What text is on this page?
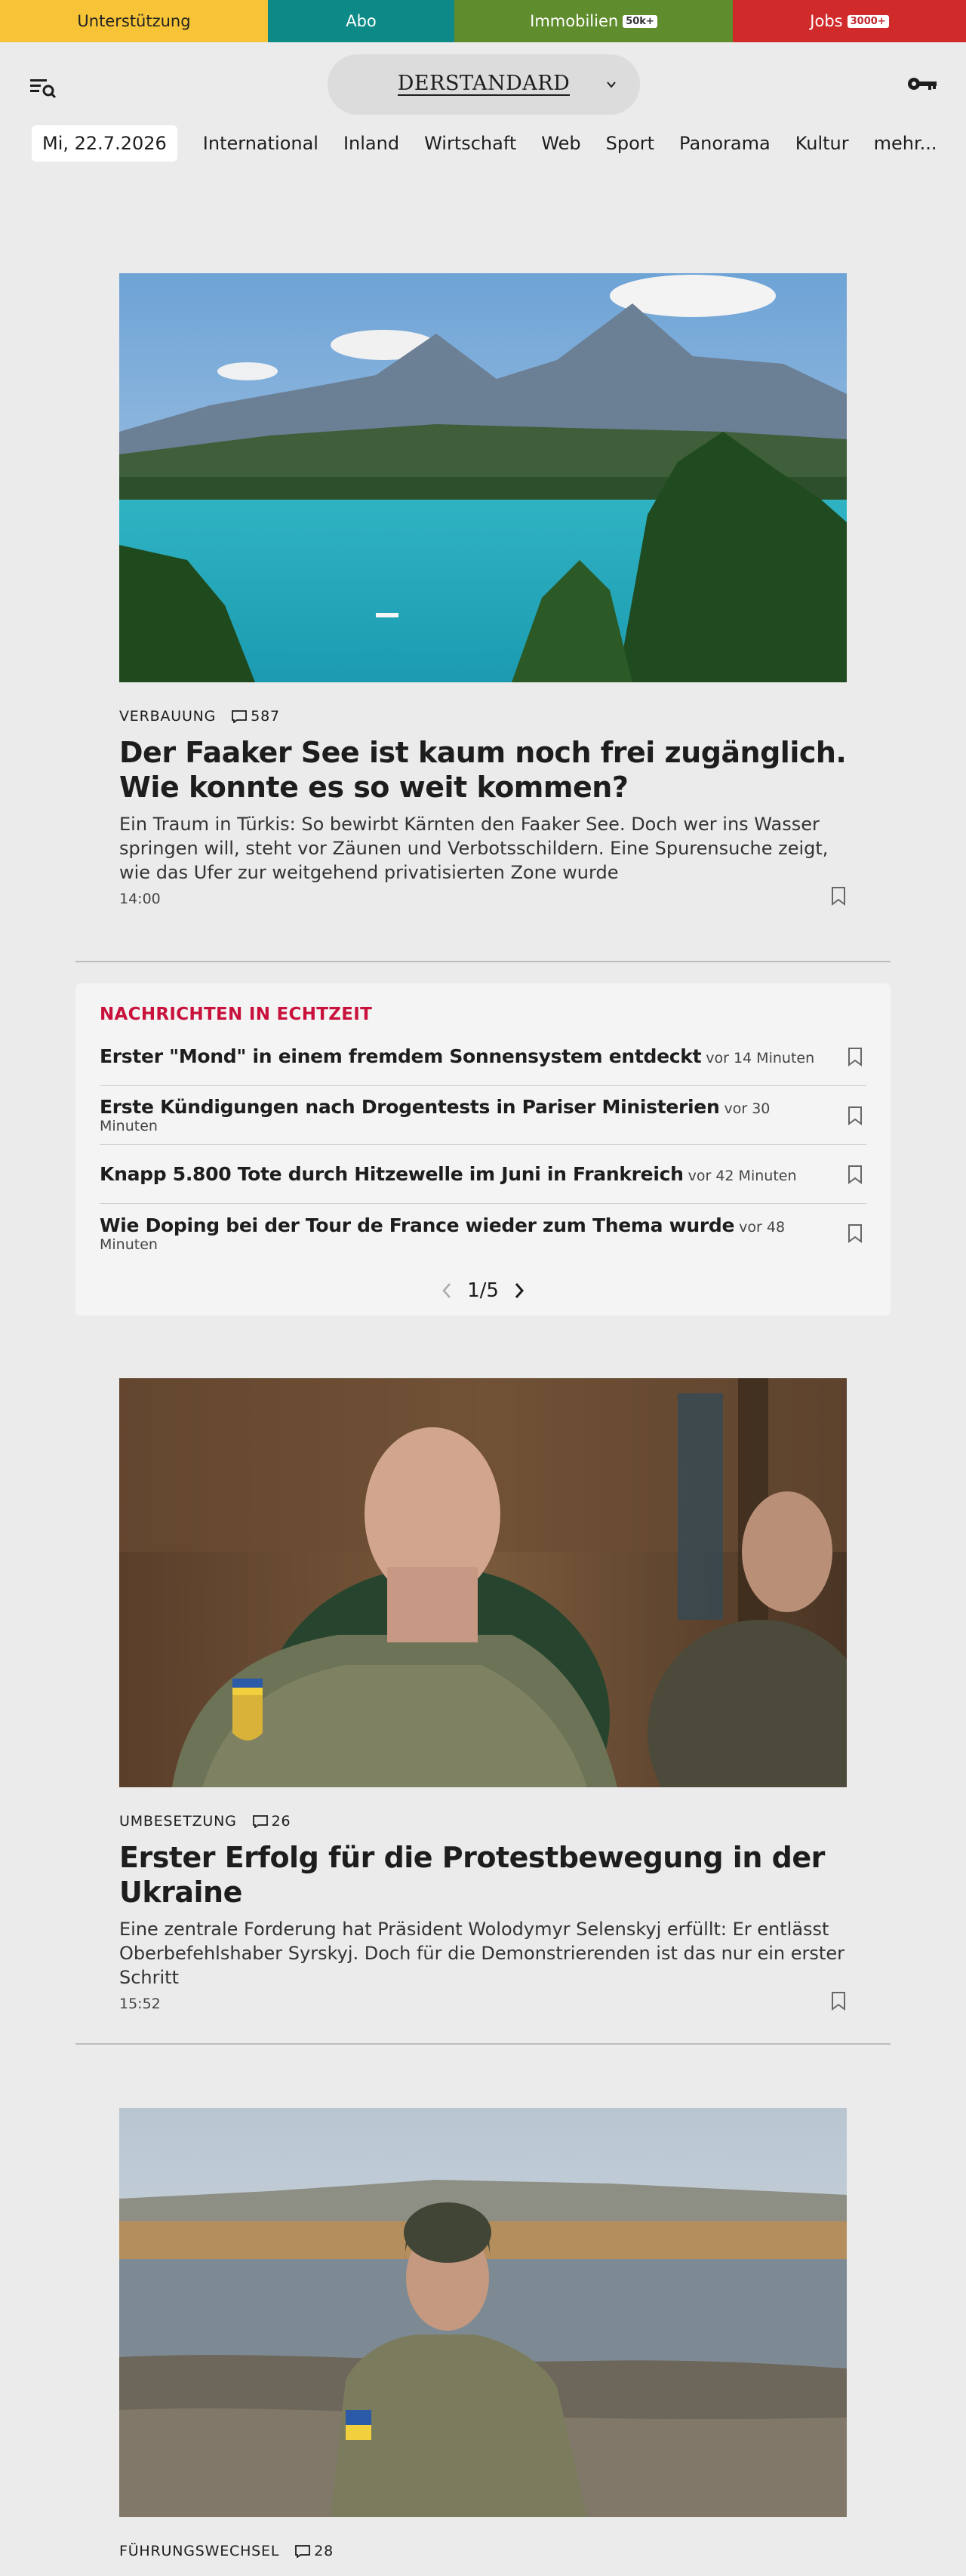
Unterstützung	Abo	Immobilien 50k+	Jobs 3000+
DERSTANDARD
Mi, 22.7.2026	International Inland Wirtschaft Web Sport Panorama Kultur mehr...
VERBAUUNG 587
Der Faaker See ist kaum noch frei zugänglich. Wie konnte es so weit kommen?

Ein Traum in Türkis: So bewirbt Kärnten den Faaker See. Doch wer ins Wasser springen will, steht vor Zäunen und Verbotsschildern. Eine Spurensuche zeigt, wie das Ufer zur weitgehend privatisierten Zone wurde

14:00
NACHRICHTEN IN ECHTZEIT
Erster "Mond" in einem fremdem Sonnensystem entdeckt vor 14 Minuten
Erste Kündigungen nach Drogentests in Pariser Ministerien vor 30 Minuten
Knapp 5.800 Tote durch Hitzewelle im Juni in Frankreich vor 42 Minuten
Wie Doping bei der Tour de France wieder zum Thema wurde vor 48 Minuten
1/5
UMBESETZUNG 26
Erster Erfolg für die Protestbewegung in der Ukraine

Eine zentrale Forderung hat Präsident Wolodymyr Selenskyj erfüllt: Er entlässt Oberbefehlshaber Syrskyj. Doch für die Demonstrierenden ist das nur ein erster Schritt

15:52
FÜHRUNGSWECHSEL 28
